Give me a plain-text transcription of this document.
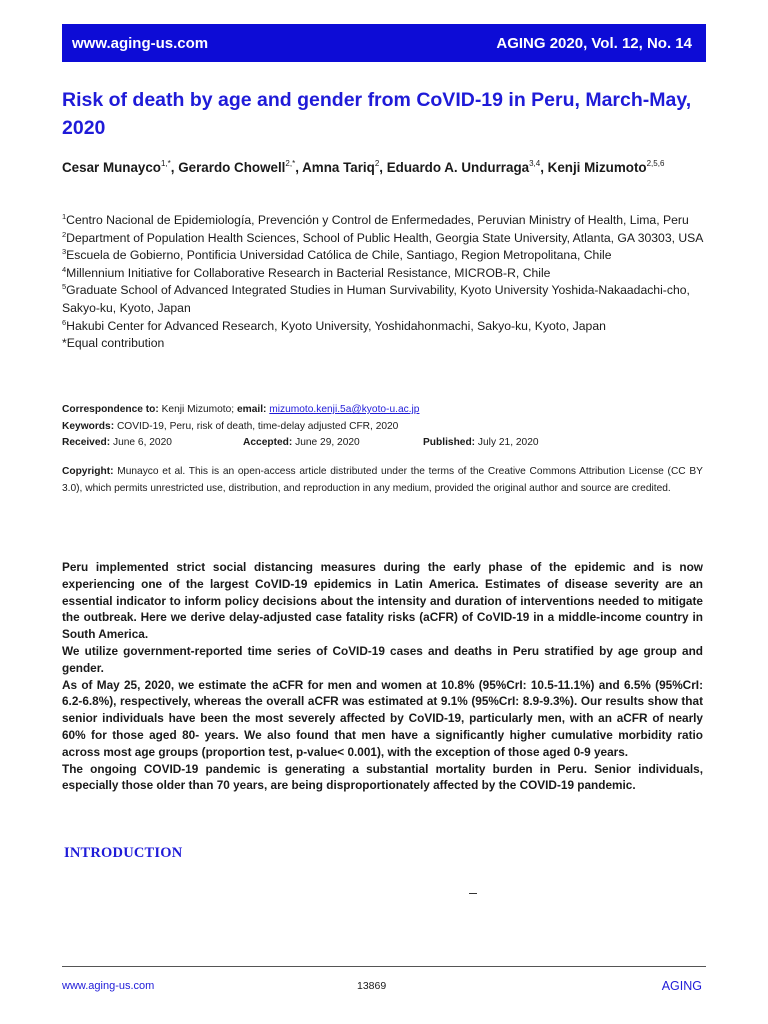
www.aging-us.com	AGING 2020, Vol. 12, No. 14
Risk of death by age and gender from CoVID-19 in Peru, March-May, 2020

Cesar Munayco$^{1,*}$, Gerardo Chowell$^{2,*}$, Amna Tariq$^2$, Eduardo A. Undurraga$^{3,4}$, Kenji Mizumoto$^{2,5,6}$

$^1$Centro Nacional de Epidemiología, Prevención y Control de Enfermedades, Peruvian Ministry of Health, Lima, Peru

$^2$Department of Population Health Sciences, School of Public Health, Georgia State University, Atlanta, GA 30303, USA

$^3$Escuela de Gobierno, Pontificia Universidad Católica de Chile, Santiago, Region Metropolitana, Chile

$^4$Millennium Initiative for Collaborative Research in Bacterial Resistance, MICROB-R, Chile

$^5$Graduate School of Advanced Integrated Studies in Human Survivability, Kyoto University Yoshida-Nakaadachi-cho, Sakyo-ku, Kyoto, Japan

$^6$Hakubi Center for Advanced Research, Kyoto University, Yoshidahonmachi, Sakyo-ku, Kyoto, Japan

*Equal contribution

Correspondence to: Kenji Mizumoto; email: mizumoto.kenji.5a@kyoto-u.ac.jp

Keywords: COVID-19, Peru, risk of death, time-delay adjusted CFR, 2020

Received: June 6, 2020	Accepted: June 29, 2020	Published: July 21, 2020

Copyright: Munayco et al. This is an open-access article distributed under the terms of the Creative Commons Attribution License (CC BY 3.0), which permits unrestricted use, distribution, and reproduction in any medium, provided the original author and source are credited.

Peru implemented strict social distancing measures during the early phase of the epidemic and is now experiencing one of the largest CoVID-19 epidemics in Latin America. Estimates of disease severity are an essential indicator to inform policy decisions about the intensity and duration of interventions needed to mitigate the outbreak. Here we derive delay-adjusted case fatality risks (aCFR) of CoVID-19 in a middle-income country in South America.

We utilize government-reported time series of CoVID-19 cases and deaths in Peru stratified by age group and gender.

As of May 25, 2020, we estimate the aCFR for men and women at 10.8% (95%CrI: 10.5-11.1%) and 6.5% (95%CrI: 6.2-6.8%), respectively, whereas the overall aCFR was estimated at 9.1% (95%CrI: 8.9-9.3%). Our results show that senior individuals have been the most severely affected by CoVID-19, particularly men, with an aCFR of nearly 60% for those aged 80- years. We also found that men have a significantly higher cumulative morbidity ratio across most age groups (proportion test, p-value< 0.001), with the exception of those aged 0-9 years.

The ongoing COVID-19 pandemic is generating a substantial mortality burden in Peru. Senior individuals, especially those older than 70 years, are being disproportionately affected by the COVID-19 pandemic.

INTRODUCTION
www.aging-us.com	13869	AGING
